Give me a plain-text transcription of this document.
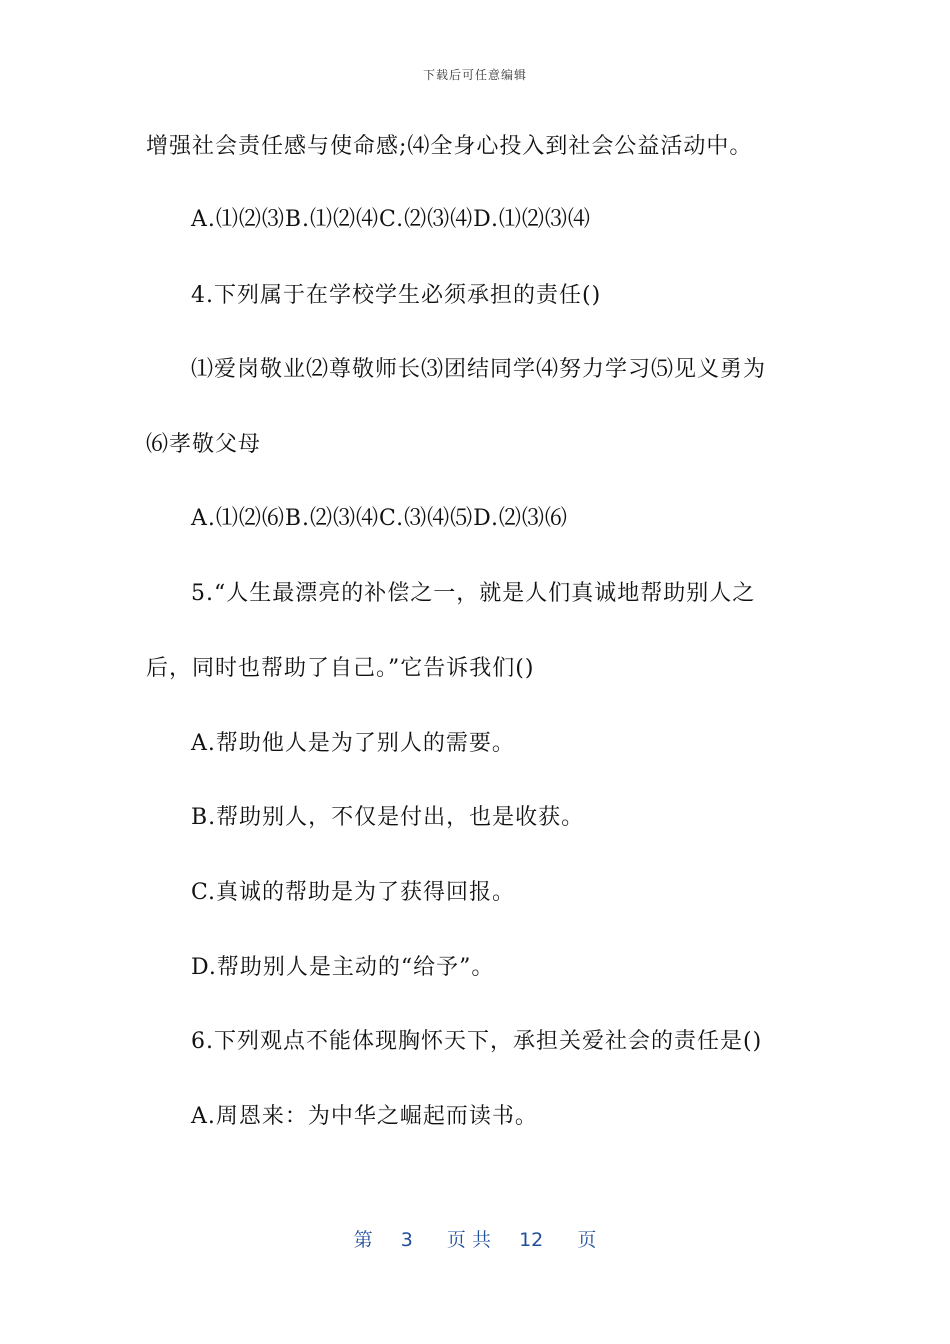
下载后可任意编辑
增强社会责任感与使命感;⑷全身心投入到社会公益活动中。
A.⑴⑵⑶B.⑴⑵⑷C.⑵⑶⑷D.⑴⑵⑶⑷
4.下列属于在学校学生必须承担的责任()
⑴爱岗敬业⑵尊敬师长⑶团结同学⑷努力学习⑸见义勇为
⑹孝敬父母
A.⑴⑵⑹B.⑵⑶⑷C.⑶⑷⑸D.⑵⑶⑹
5.“人生最漂亮的补偿之一，就是人们真诚地帮助别人之
后，同时也帮助了自己。”它告诉我们()
A.帮助他人是为了别人的需要。
B.帮助别人，不仅是付出，也是收获。
C.真诚的帮助是为了获得回报。
D.帮助别人是主动的“给予”。
6.下列观点不能体现胸怀天下，承担关爱社会的责任是()
A.周恩来：为中华之崛起而读书。
第 3 页 共 12 页
